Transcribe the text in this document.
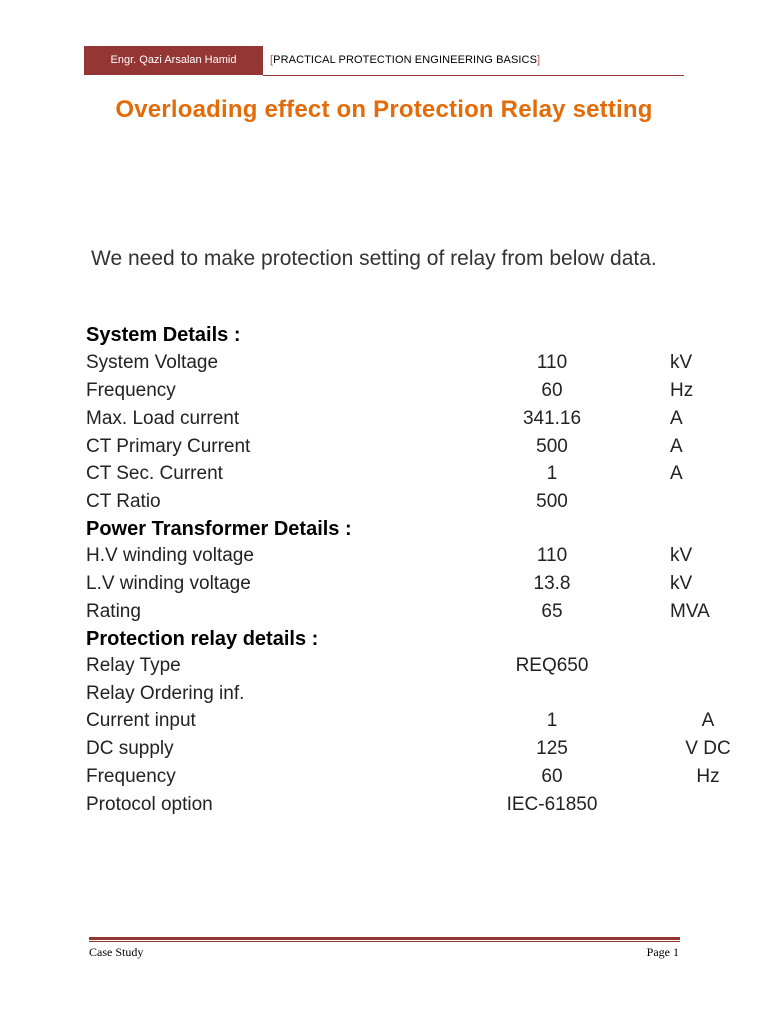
Engr. Qazi Arsalan Hamid	[PRACTICAL PROTECTION ENGINEERING BASICS]
Overloading effect on Protection Relay setting
We need to make protection setting of relay from below data.
System Details :
System Voltage	110	kV
Frequency	60	Hz
Max. Load current	341.16	A
CT Primary Current	500	A
CT Sec. Current	1	A
CT Ratio	500
Power Transformer Details :
H.V winding voltage	110	kV
L.V winding voltage	13.8	kV
Rating	65	MVA
Protection relay details :
Relay Type	REQ650
Relay Ordering inf.
Current input	1	A
DC supply	125	V DC
Frequency	60	Hz
Protocol option	IEC-61850
Case Study	Page 1
